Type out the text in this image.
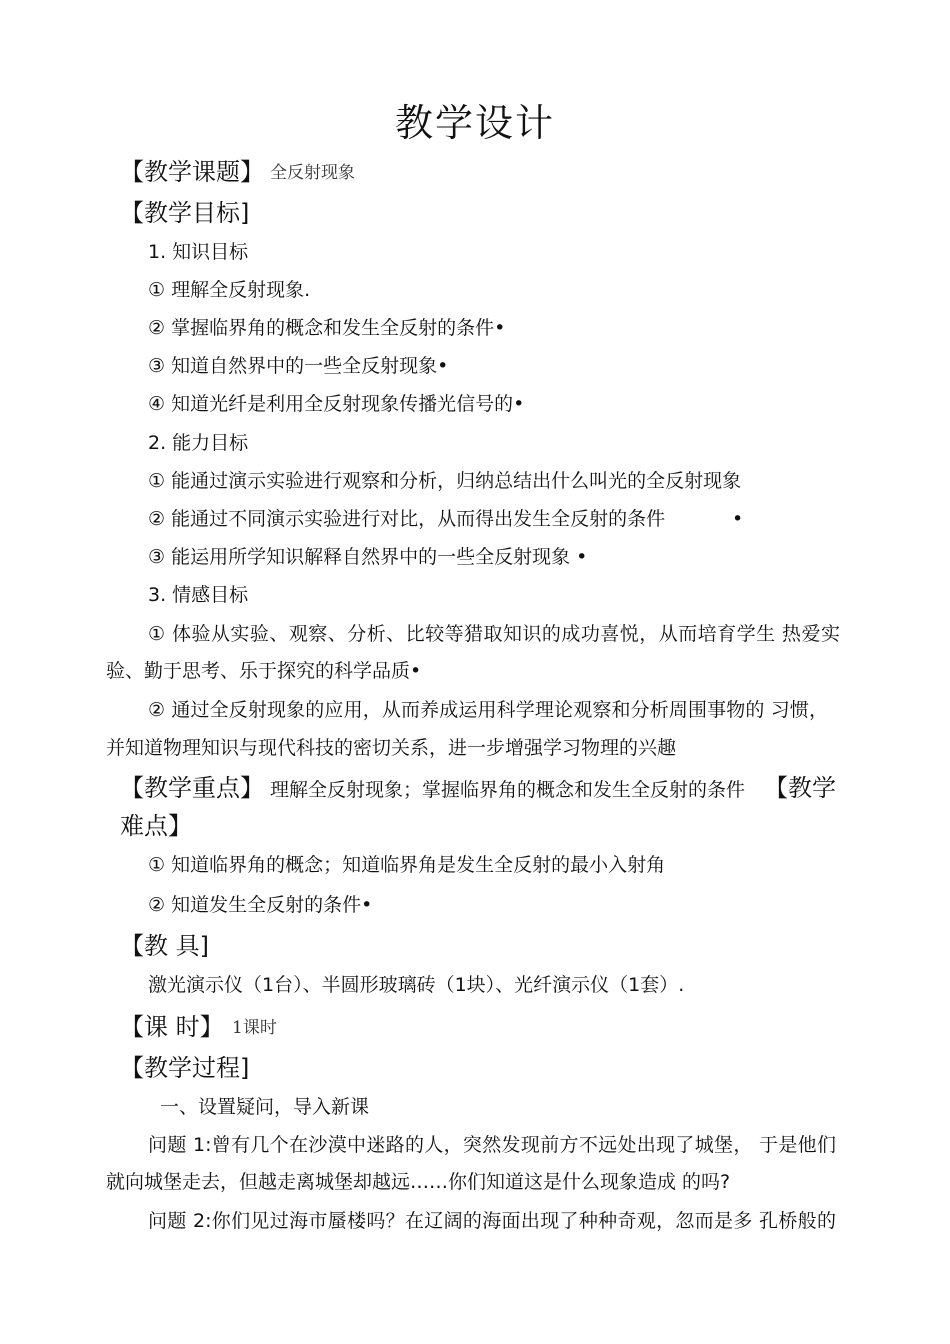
教学设计
【教学课题】 全反射现象
【教学目标]
1. 知识目标
① 理解全反射现象.
② 掌握临界角的概念和发生全反射的条件•
③ 知道自然界中的一些全反射现象•
④ 知道光纤是利用全反射现象传播光信号的•
2. 能力目标
① 能通过演示实验进行观察和分析，归纳总结出什么叫光的全反射现象
② 能通过不同演示实验进行对比，从而得出发生全反射的条件	•
③ 能运用所学知识解释自然界中的一些全反射现象 •
3. 情感目标
① 体验从实验、观察、分析、比较等猎取知识的成功喜悦，从而培育学生 热爱实
验、勤于思考、乐于探究的科学品质•
② 通过全反射现象的应用，从而养成运用科学理论观察和分析周围事物的 习惯，
并知道物理知识与现代科技的密切关系，进一步增强学习物理的兴趣
【教学重点】 理解全反射现象；掌握临界角的概念和发生全反射的条件 【教学
难点】
① 知道临界角的概念；知道临界角是发生全反射的最小入射角
② 知道发生全反射的条件•
【教 具]
激光演示仪（1台）、半圆形玻璃砖（1块）、光纤演示仪（1套）.
【课 时】 1课时
【教学过程]
一、设置疑问，导入新课
问题 1:曾有几个在沙漠中迷路的人，突然发现前方不远处出现了城堡， 于是他们
就向城堡走去，但越走离城堡却越远……你们知道这是什么现象造成 的吗?
问题 2:你们见过海市蜃楼吗？在辽阔的海面出现了种种奇观，忽而是多 孔桥般的
